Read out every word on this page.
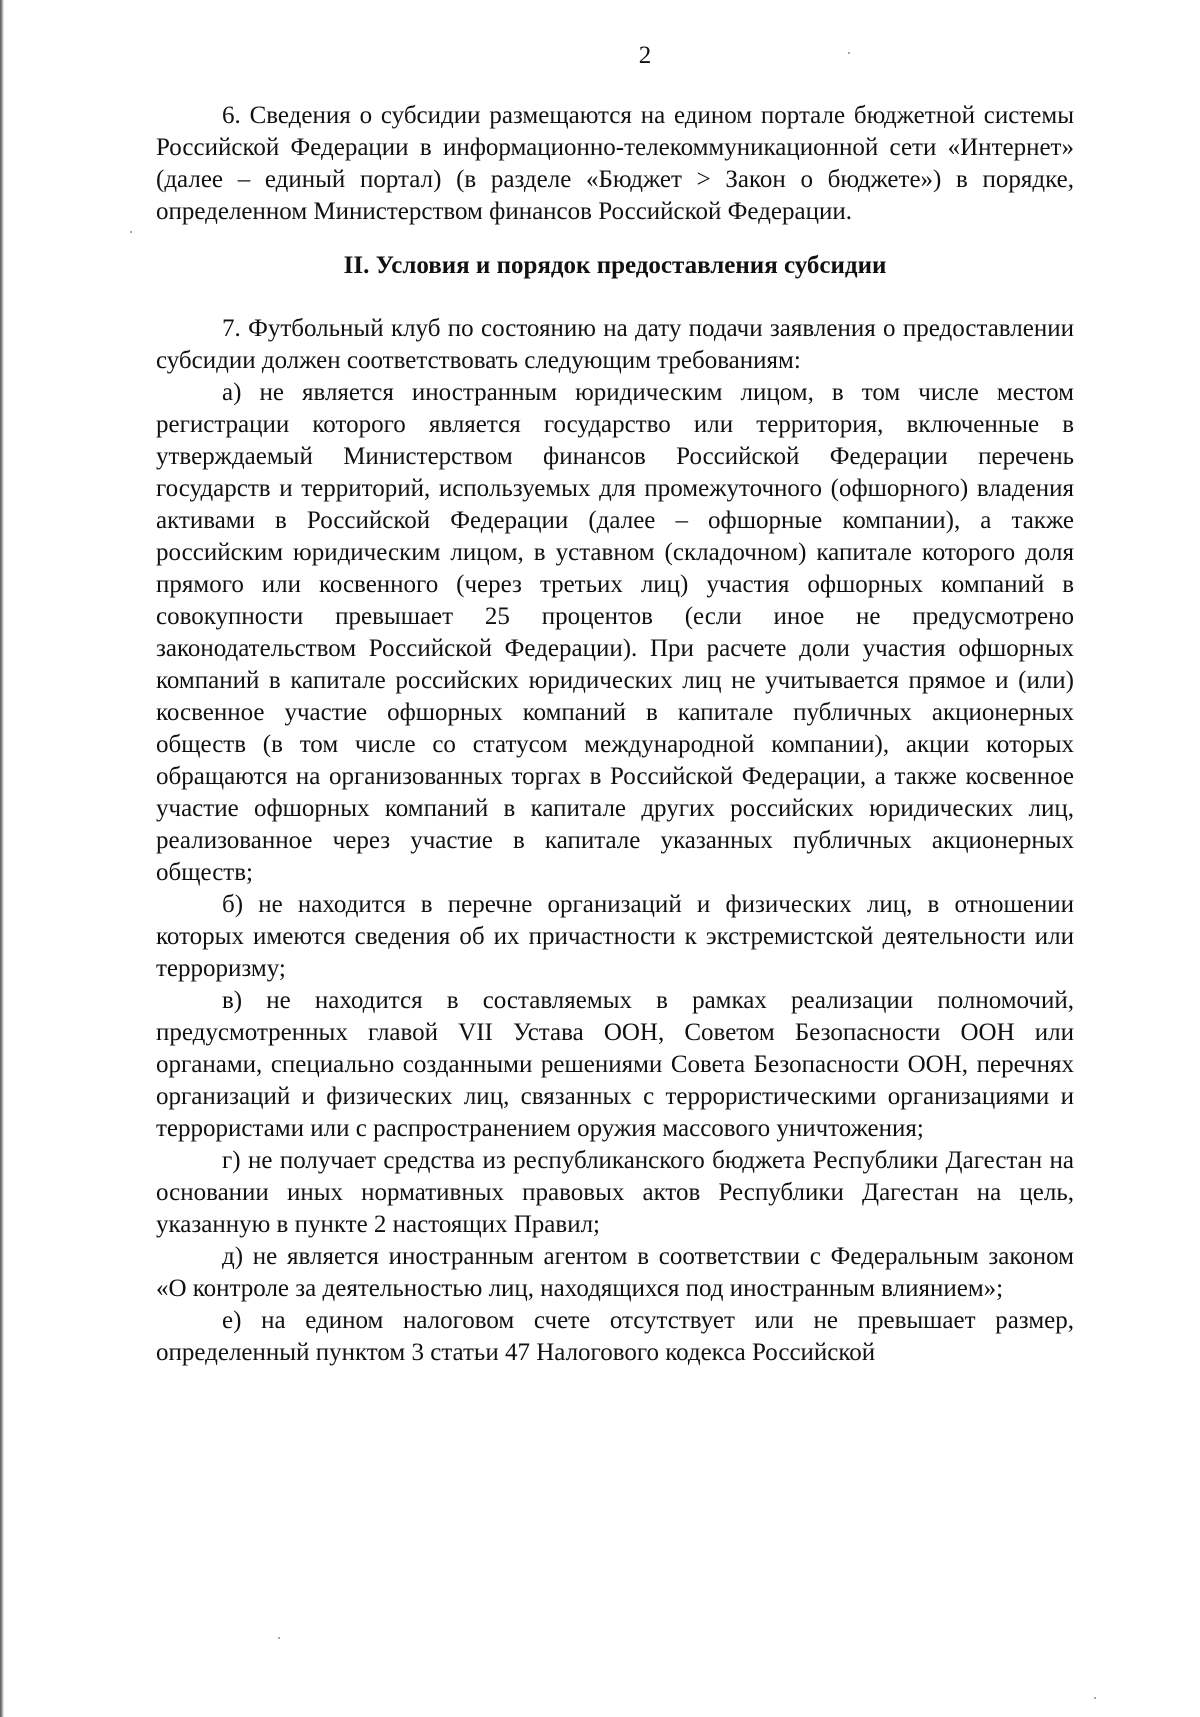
2

6. Сведения о субсидии размещаются на едином портале бюджетной системы Российской Федерации в информационно-телекоммуникационной сети «Интернет» (далее – единый портал) (в разделе «Бюджет > Закон о бюджете») в порядке, определенном Министерством финансов Российской Федерации.

II. Условия и порядок предоставления субсидии

7. Футбольный клуб по состоянию на дату подачи заявления о предоставлении субсидии должен соответствовать следующим требованиям:

а) не является иностранным юридическим лицом, в том числе местом регистрации которого является государство или территория, включенные в утверждаемый Министерством финансов Российской Федерации перечень государств и территорий, используемых для промежуточного (офшорного) владения активами в Российской Федерации (далее – офшорные компании), а также российским юридическим лицом, в уставном (складочном) капитале которого доля прямого или косвенного (через третьих лиц) участия офшорных компаний в совокупности превышает 25 процентов (если иное не предусмотрено законодательством Российской Федерации). При расчете доли участия офшорных компаний в капитале российских юридических лиц не учитывается прямое и (или) косвенное участие офшорных компаний в капитале публичных акционерных обществ (в том числе со статусом международной компании), акции которых обращаются на организованных торгах в Российской Федерации, а также косвенное участие офшорных компаний в капитале других российских юридических лиц, реализованное через участие в капитале указанных публичных акционерных обществ;

б) не находится в перечне организаций и физических лиц, в отношении которых имеются сведения об их причастности к экстремистской деятельности или терроризму;

в) не находится в составляемых в рамках реализации полномочий, предусмотренных главой VII Устава ООН, Советом Безопасности ООН или органами, специально созданными решениями Совета Безопасности ООН, перечнях организаций и физических лиц, связанных с террористическими организациями и террористами или с распространением оружия массового уничтожения;

г) не получает средства из республиканского бюджета Республики Дагестан на основании иных нормативных правовых актов Республики Дагестан на цель, указанную в пункте 2 настоящих Правил;

д) не является иностранным агентом в соответствии с Федеральным законом «О контроле за деятельностью лиц, находящихся под иностранным влиянием»;

е) на едином налоговом счете отсутствует или не превышает размер, определенный пунктом 3 статьи 47 Налогового кодекса Российской
